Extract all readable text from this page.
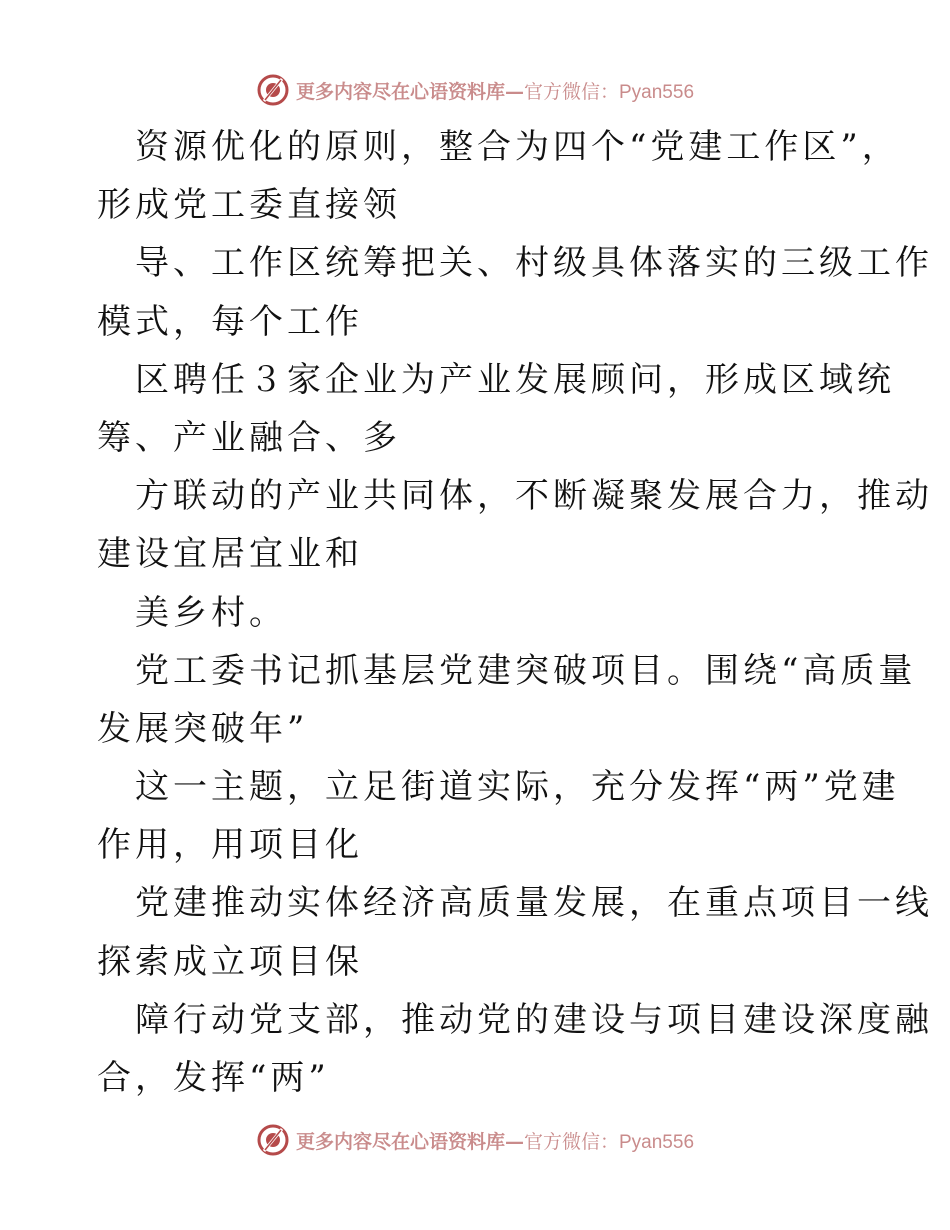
更多内容尽在心语资料库— 官方微信：Pyan556
资源优化的原则，整合为四个“党建工作区”，
形成党工委直接领
导、工作区统筹把关、村级具体落实的三级工作
模式，每个工作
区聘任３家企业为产业发展顾问，形成区域统
筹、产业融合、多
方联动的产业共同体，不断凝聚发展合力，推动
建设宜居宜业和
美乡村。
党工委书记抓基层党建突破项目。围绕“高质量
发展突破年”
这一主题，立足街道实际，充分发挥“两”党建
作用，用项目化
党建推动实体经济高质量发展，在重点项目一线
探索成立项目保
障行动党支部，推动党的建设与项目建设深度融
合，发挥“两”
更多内容尽在心语资料库— 官方微信：Pyan556
